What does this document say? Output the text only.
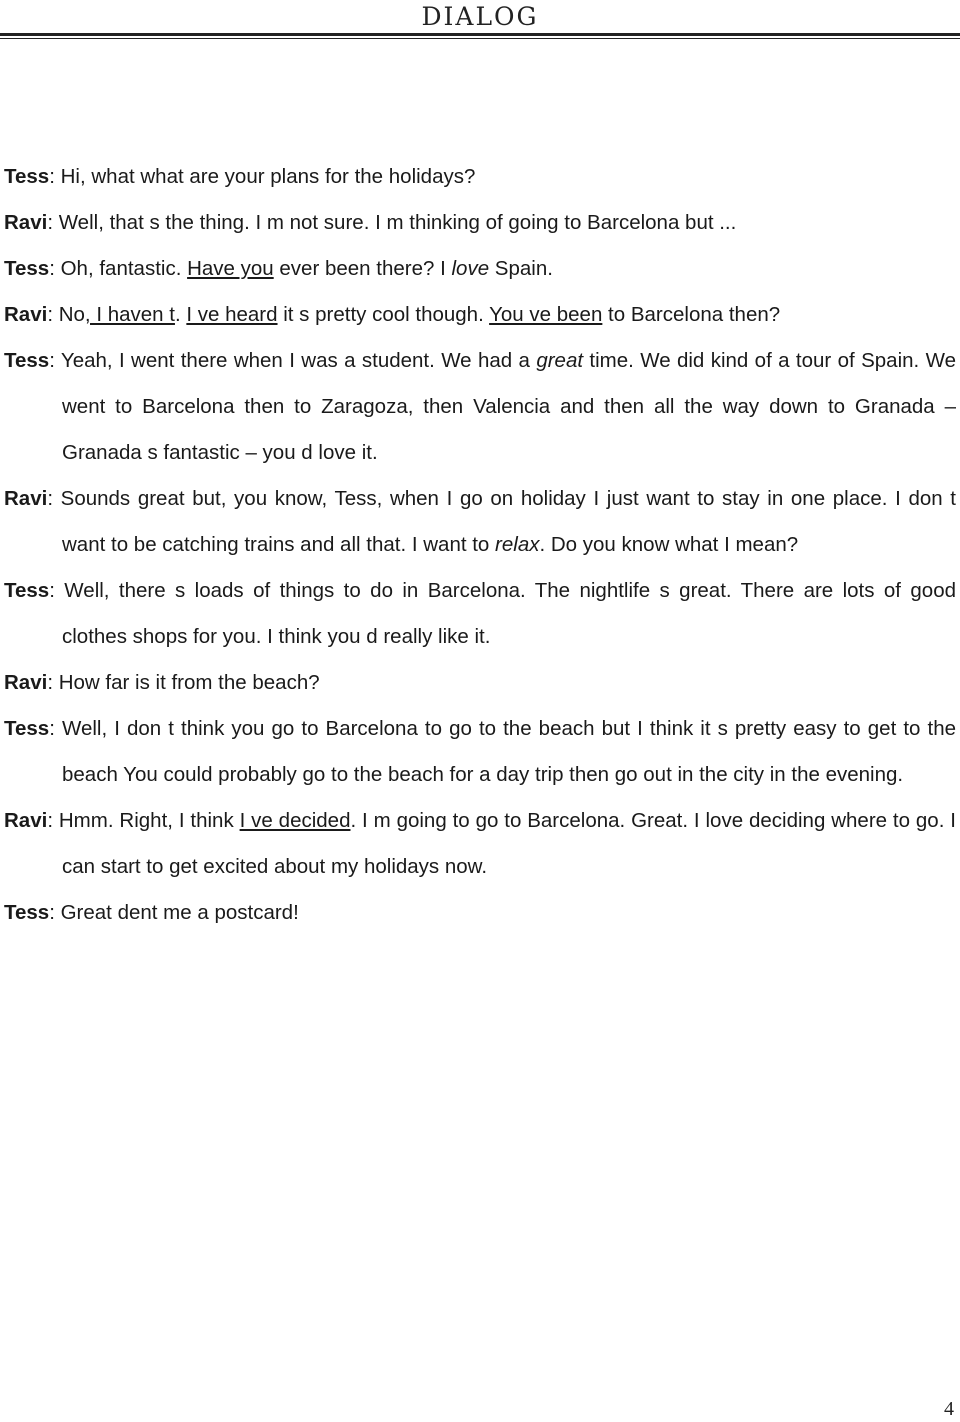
DIALOG

Tess: Hi, what what are your plans for the holidays?

Ravi: Well, that s the thing. I m not sure. I m thinking of going to Barcelona but ...

Tess: Oh, fantastic. Have you ever been there? I love Spain.

Ravi: No, I haven t. I ve heard it s pretty cool though. You ve been to Barcelona then?

Tess: Yeah, I went there when I was a student. We had a great time. We did kind of a tour of Spain. We went to Barcelona then to Zaragoza, then Valencia and then all the way down to Granada – Granada s fantastic – you d love it.

Ravi: Sounds great but, you know, Tess, when I go on holiday I just want to stay in one place. I don t want to be catching trains and all that. I want to relax. Do you know what I mean?

Tess: Well, there s loads of things to do in Barcelona. The nightlife s great. There are lots of good clothes shops for you. I think you d really like it.

Ravi: How far is it from the beach?

Tess: Well, I don t think you go to Barcelona to go to the beach but I think it s pretty easy to get to the beach You could probably go to the beach for a day trip then go out in the city in the evening.

Ravi: Hmm. Right, I think I ve decided. I m going to go to Barcelona. Great. I love deciding where to go. I can start to get excited about my holidays now.

Tess: Great dent me a postcard!

4
